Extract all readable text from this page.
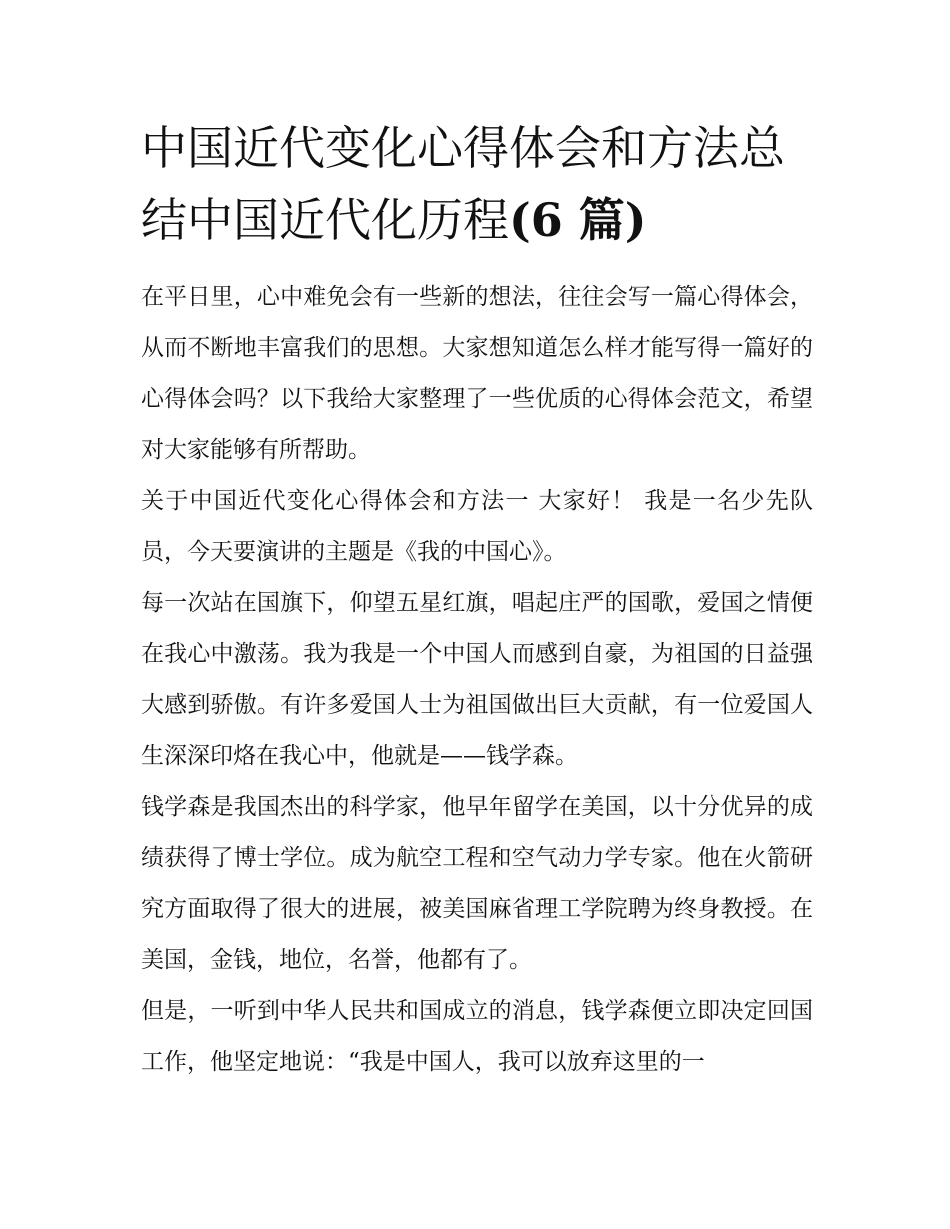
中国近代变化心得体会和方法总结中国近代化历程(6 篇)

在平日里，心中难免会有一些新的想法，往往会写一篇心得体会，从而不断地丰富我们的思想。大家想知道怎么样才能写得一篇好的心得体会吗？以下我给大家整理了一些优质的心得体会范文，希望对大家能够有所帮助。

关于中国近代变化心得体会和方法一 大家好！ 我是一名少先队员，今天要演讲的主题是《我的中国心》。

每一次站在国旗下，仰望五星红旗，唱起庄严的国歌，爱国之情便在我心中激荡。我为我是一个中国人而感到自豪，为祖国的日益强大感到骄傲。有许多爱国人士为祖国做出巨大贡献，有一位爱国人生深深印烙在我心中，他就是——钱学森。

钱学森是我国杰出的科学家，他早年留学在美国，以十分优异的成绩获得了博士学位。成为航空工程和空气动力学专家。他在火箭研究方面取得了很大的进展，被美国麻省理工学院聘为终身教授。在美国，金钱，地位，名誉，他都有了。

但是，一听到中华人民共和国成立的消息，钱学森便立即决定回国工作，他坚定地说：“我是中国人，我可以放弃这里的一
